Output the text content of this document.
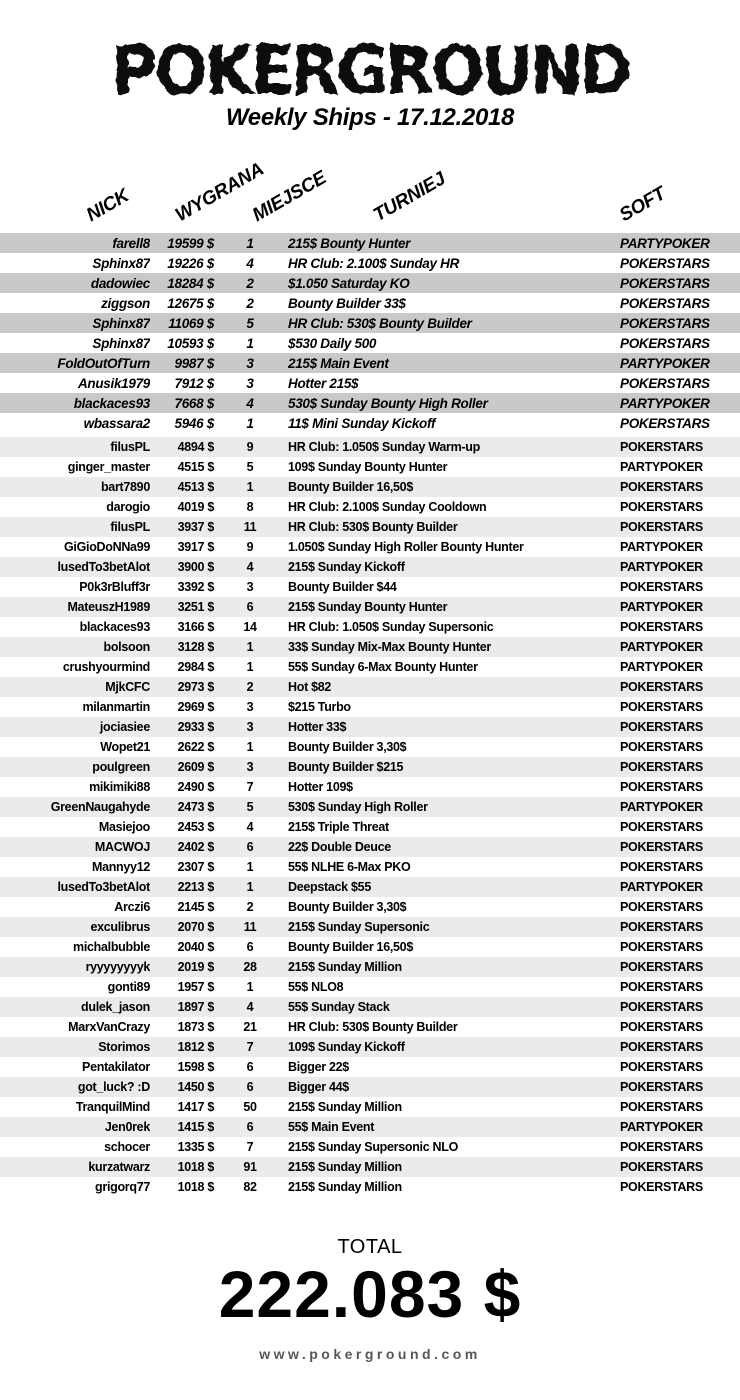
POKERGROUND
Weekly Ships - 17.12.2018
NICK WYGRANA
MIEJSCE TURNIEJ	SOFT
farell8	19599 $	1	215$ Bounty Hunter	PARTYPOKER
Sphinx87	19226 $	4	HR Club: 2.100$ Sunday HR	POKERSTARS
dadowiec	18284 $	2	$1.050 Saturday KO	POKERSTARS
ziggson	12675 $	2	Bounty Builder 33$	POKERSTARS
Sphinx87	11069 $	5	HR Club: 530$ Bounty Builder	POKERSTARS
Sphinx87	10593 $	1	$530 Daily 500	POKERSTARS
FoldOutOfTurn	9987 $	3	215$ Main Event	PARTYPOKER
Anusik1979	7912 $	3	Hotter 215$	POKERSTARS
blackaces93	7668 $	4	530$ Sunday Bounty High Roller	PARTYPOKER
wbassara2	5946 $	1	11$ Mini Sunday Kickoff	POKERSTARS
filusPL	4894 $	9	HR Club: 1.050$ Sunday Warm-up	POKERSTARS
ginger_master	4515 $	5	109$ Sunday Bounty Hunter	PARTYPOKER
bart7890	4513 $	1	Bounty Builder 16,50$	POKERSTARS
darogio	4019 $	8	HR Club: 2.100$ Sunday Cooldown	POKERSTARS
filusPL	3937 $	11	HR Club: 530$ Bounty Builder	POKERSTARS
GiGioDoNNa99	3917 $	9	1.050$ Sunday High Roller Bounty Hunter	PARTYPOKER
lusedTo3betAlot	3900 $	4	215$ Sunday Kickoff	PARTYPOKER
P0k3rBluff3r	3392 $	3	Bounty Builder $44	POKERSTARS
MateuszH1989	3251 $	6	215$ Sunday Bounty Hunter	PARTYPOKER
blackaces93	3166 $	14	HR Club: 1.050$ Sunday Supersonic	POKERSTARS
bolsoon	3128 $	1	33$ Sunday Mix-Max Bounty Hunter	PARTYPOKER
crushyourmind	2984 $	1	55$ Sunday 6-Max Bounty Hunter	PARTYPOKER
MjkCFC	2973 $	2	Hot $82	POKERSTARS
milanmartin	2969 $	3	$215 Turbo	POKERSTARS
jociasiee	2933 $	3	Hotter 33$	POKERSTARS
Wopet21	2622 $	1	Bounty Builder 3,30$	POKERSTARS
poulgreen	2609 $	3	Bounty Builder $215	POKERSTARS
mikimiki88	2490 $	7	Hotter 109$	POKERSTARS
GreenNaugahyde	2473 $	5	530$ Sunday High Roller	PARTYPOKER
Masiejoo	2453 $	4	215$ Triple Threat	POKERSTARS
MACWOJ	2402 $	6	22$ Double Deuce	POKERSTARS
Mannyy12	2307 $	1	55$ NLHE 6-Max PKO	POKERSTARS
lusedTo3betAlot	2213 $	1	Deepstack $55	PARTYPOKER
Arczi6	2145 $	2	Bounty Builder 3,30$	POKERSTARS
exculibrus	2070 $	11	215$ Sunday Supersonic	POKERSTARS
michalbubble	2040 $	6	Bounty Builder 16,50$	POKERSTARS
ryyyyyyyyk	2019 $	28	215$ Sunday Million	POKERSTARS
gonti89	1957 $	1	55$ NLO8	POKERSTARS
dulek_jason	1897 $	4	55$ Sunday Stack	POKERSTARS
MarxVanCrazy	1873 $	21	HR Club: 530$ Bounty Builder	POKERSTARS
Storimos	1812 $	7	109$ Sunday Kickoff	POKERSTARS
Pentakilator	1598 $	6	Bigger 22$	POKERSTARS
got_luck? :D	1450 $	6	Bigger 44$	POKERSTARS
TranquilMind	1417 $	50	215$ Sunday Million	POKERSTARS
Jen0rek	1415 $	6	55$ Main Event	PARTYPOKER
schocer	1335 $	7	215$ Sunday Supersonic NLO	POKERSTARS
kurzatwarz	1018 $	91	215$ Sunday Million	POKERSTARS
grigorq77	1018 $	82	215$ Sunday Million	POKERSTARS
TOTAL
222.083 $
www.pokerground.com
